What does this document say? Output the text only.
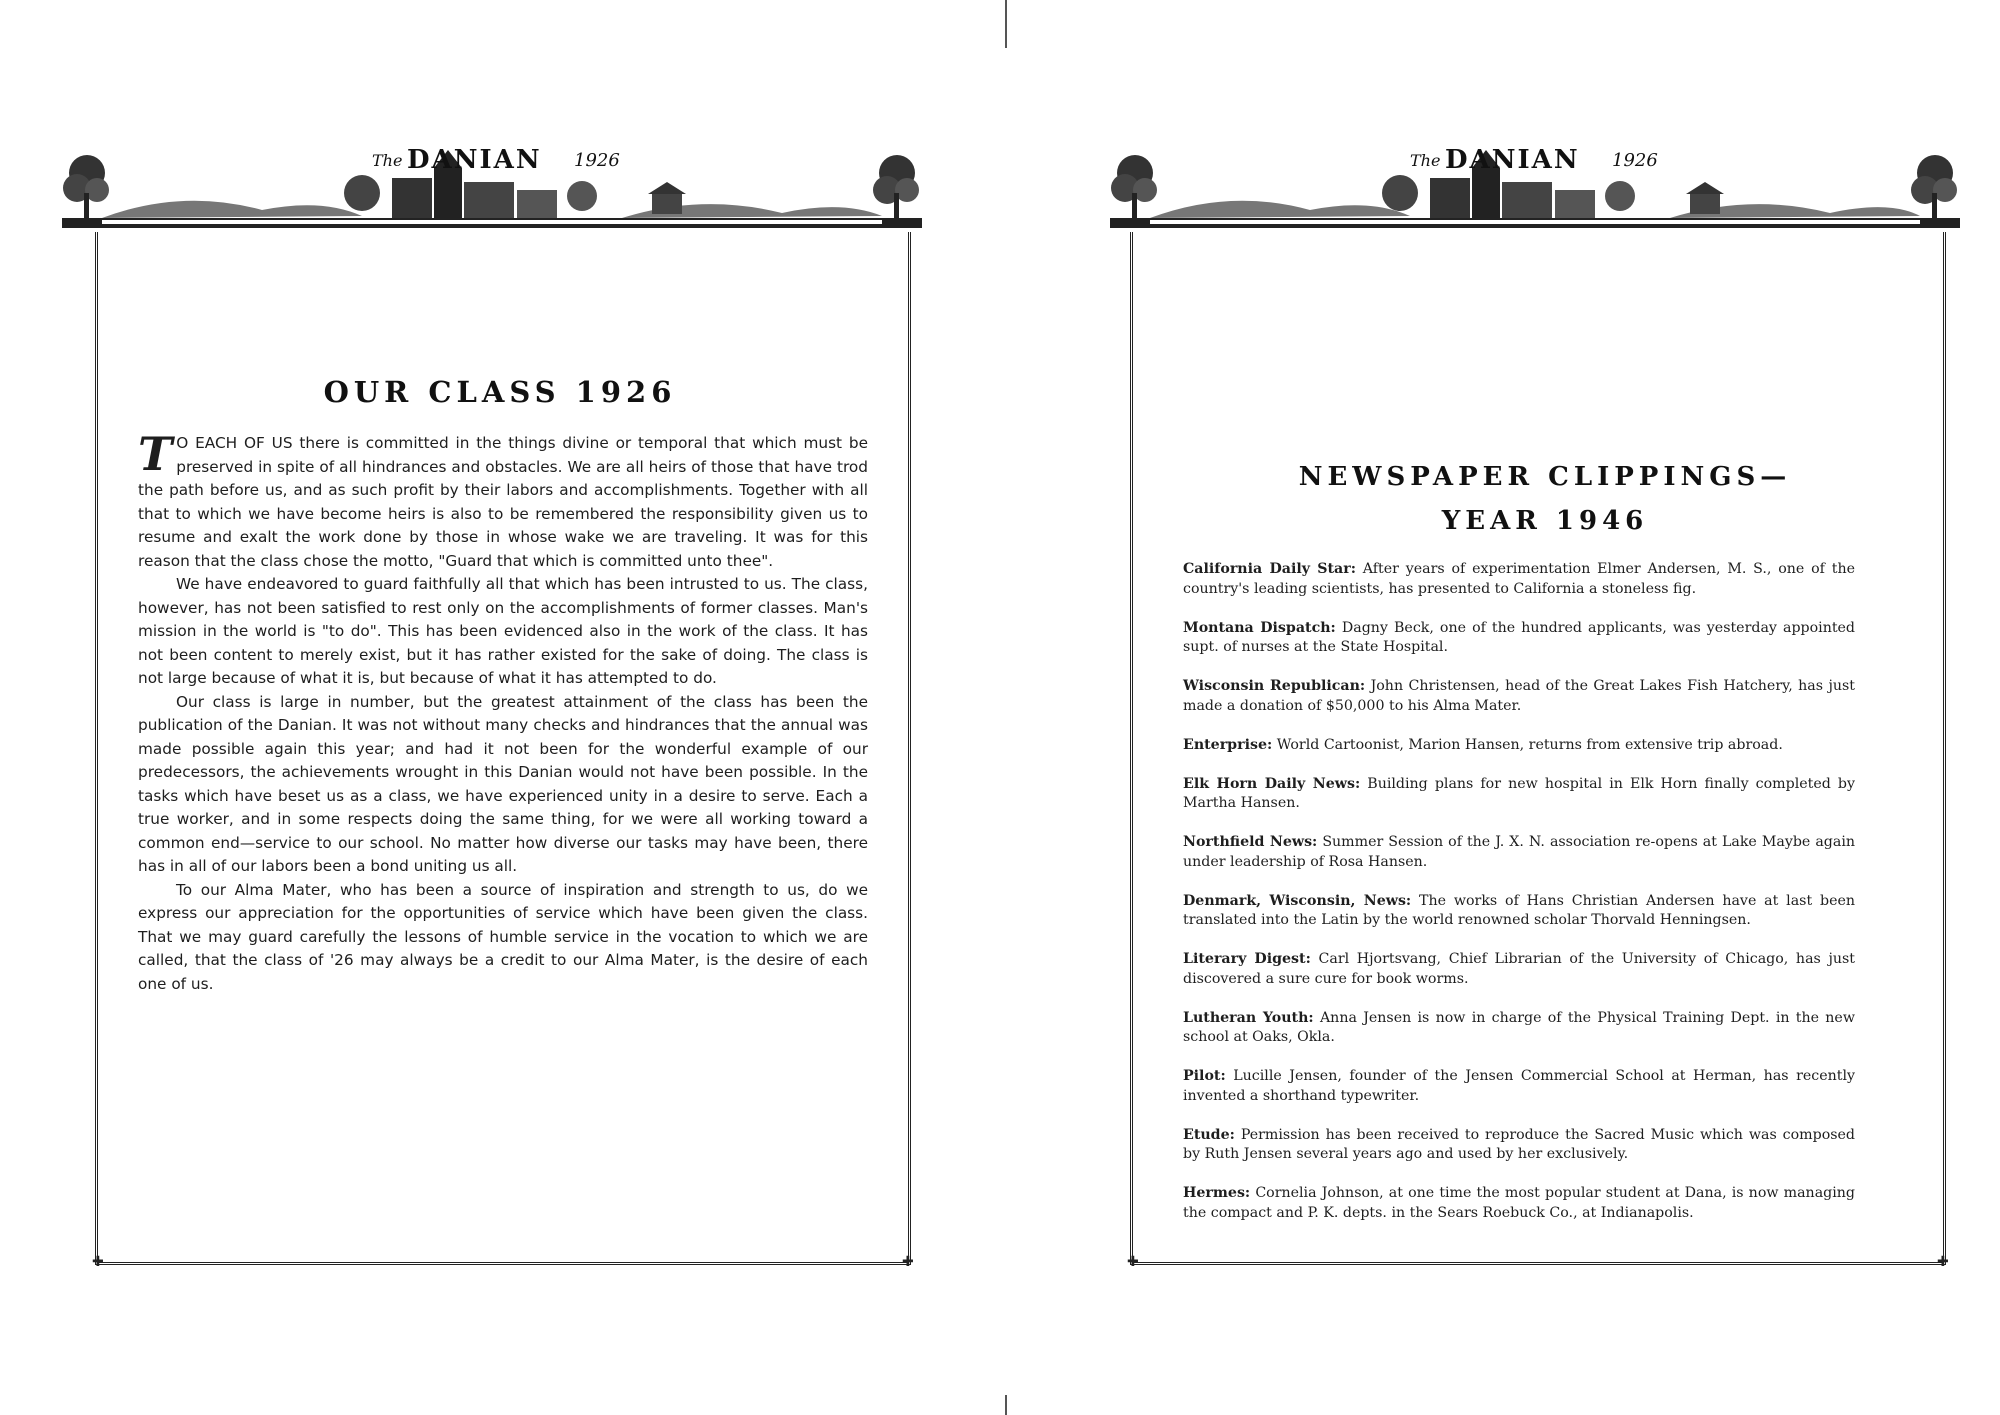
The DANIAN 1926
✚	✚
OUR CLASS 1926

T O EACH OF US there is committed in the things divine or temporal that which must be preserved in spite of all hindrances and obstacles. We are all heirs of those that have trod the path before us, and as such profit by their labors and accomplishments. Together with all that to which we have become heirs is also to be remembered the responsibility given us to resume and exalt the work done by those in whose wake we are traveling. It was for this reason that the class chose the motto, "Guard that which is committed unto thee".

We have endeavored to guard faithfully all that which has been intrusted to us. The class, however, has not been satisfied to rest only on the accomplishments of former classes. Man's mission in the world is "to do". This has been evidenced also in the work of the class. It has not been content to merely exist, but it has rather existed for the sake of doing. The class is not large because of what it is, but because of what it has attempted to do.

Our class is large in number, but the greatest attainment of the class has been the publication of the Danian. It was not without many checks and hindrances that the annual was made possible again this year; and had it not been for the wonderful example of our predecessors, the achievements wrought in this Danian would not have been possible. In the tasks which have beset us as a class, we have experienced unity in a desire to serve. Each a true worker, and in some respects doing the same thing, for we were all working toward a common end—service to our school. No matter how diverse our tasks may have been, there has in all of our labors been a bond uniting us all.

To our Alma Mater, who has been a source of inspiration and strength to us, do we express our appreciation for the opportunities of service which have been given the class. That we may guard carefully the lessons of humble service in the vocation to which we are called, that the class of '26 may always be a credit to our Alma Mater, is the desire of each one of us.

The DANIAN 1926
✚	✚
NEWSPAPER CLIPPINGS—
YEAR 1946
California Daily Star: After years of experimentation Elmer Andersen, M. S., one of the country's leading scientists, has presented to California a stoneless fig.
Montana Dispatch: Dagny Beck, one of the hundred applicants, was yesterday appointed supt. of nurses at the State Hospital.
Wisconsin Republican: John Christensen, head of the Great Lakes Fish Hatchery, has just made a donation of $50,000 to his Alma Mater.
Enterprise: World Cartoonist, Marion Hansen, returns from extensive trip abroad.
Elk Horn Daily News: Building plans for new hospital in Elk Horn finally completed by Martha Hansen.
Northfield News: Summer Session of the J. X. N. association re-opens at Lake Maybe again under leadership of Rosa Hansen.
Denmark, Wisconsin, News: The works of Hans Christian Andersen have at last been translated into the Latin by the world renowned scholar Thorvald Henningsen.
Literary Digest: Carl Hjortsvang, Chief Librarian of the University of Chicago, has just discovered a sure cure for book worms.
Lutheran Youth: Anna Jensen is now in charge of the Physical Training Dept. in the new school at Oaks, Okla.
Pilot: Lucille Jensen, founder of the Jensen Commercial School at Herman, has recently invented a shorthand typewriter.
Etude: Permission has been received to reproduce the Sacred Music which was composed by Ruth Jensen several years ago and used by her exclusively.
Hermes: Cornelia Johnson, at one time the most popular student at Dana, is now managing the compact and P. K. depts. in the Sears Roebuck Co., at Indianapolis.
